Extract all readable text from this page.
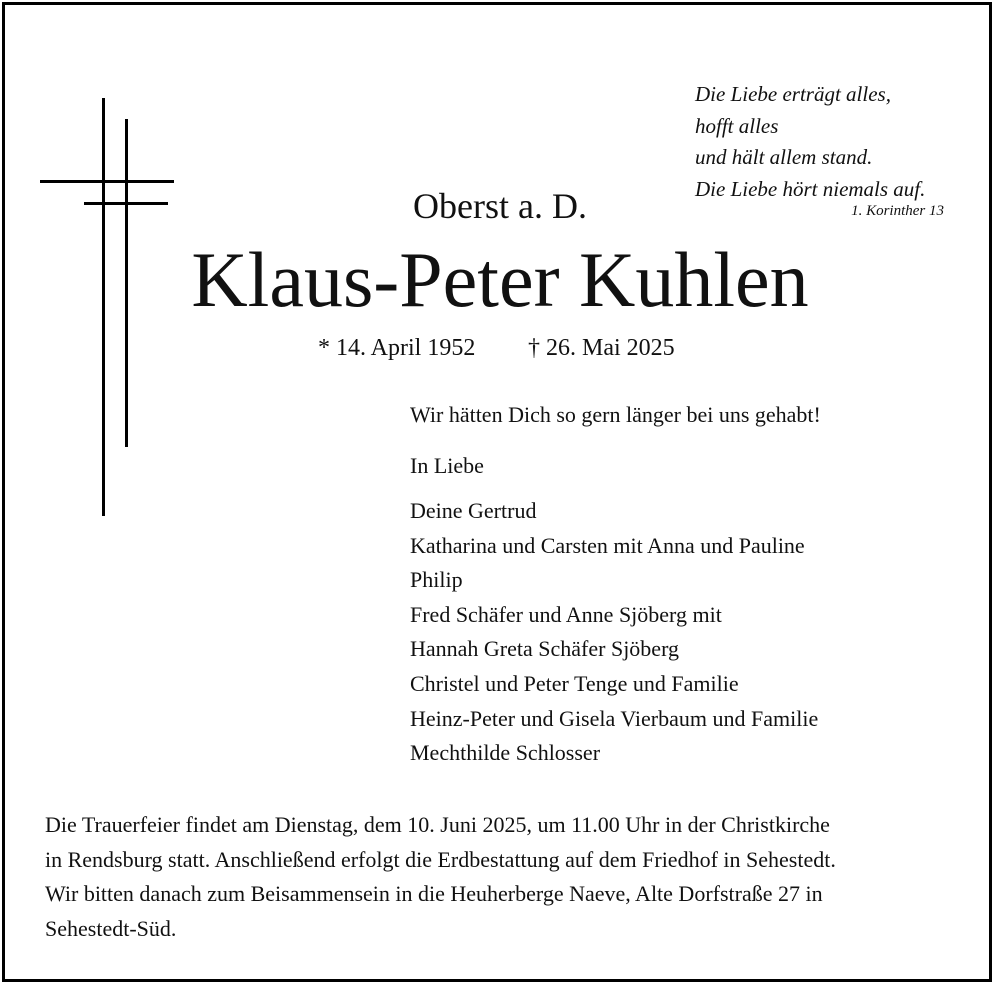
Die Liebe erträgt alles,
hofft alles
und hält allem stand.
Die Liebe hört niemals auf.
1. Korinther 13
Oberst a. D.
Klaus-Peter Kuhlen
* 14. April 1952 † 26. Mai 2025
Wir hätten Dich so gern länger bei uns gehabt!
In Liebe
Deine Gertrud
Katharina und Carsten mit Anna und Pauline
Philip
Fred Schäfer und Anne Sjöberg mit
Hannah Greta Schäfer Sjöberg
Christel und Peter Tenge und Familie
Heinz-Peter und Gisela Vierbaum und Familie
Mechthilde Schlosser

Die Trauerfeier findet am Dienstag, dem 10. Juni 2025, um 11.00 Uhr in der Christkirche
in Rendsburg statt. Anschließend erfolgt die Erdbestattung auf dem Friedhof in Sehestedt.
Wir bitten danach zum Beisammensein in die Heuherberge Naeve, Alte Dorfstraße 27 in
Sehestedt-Süd.
